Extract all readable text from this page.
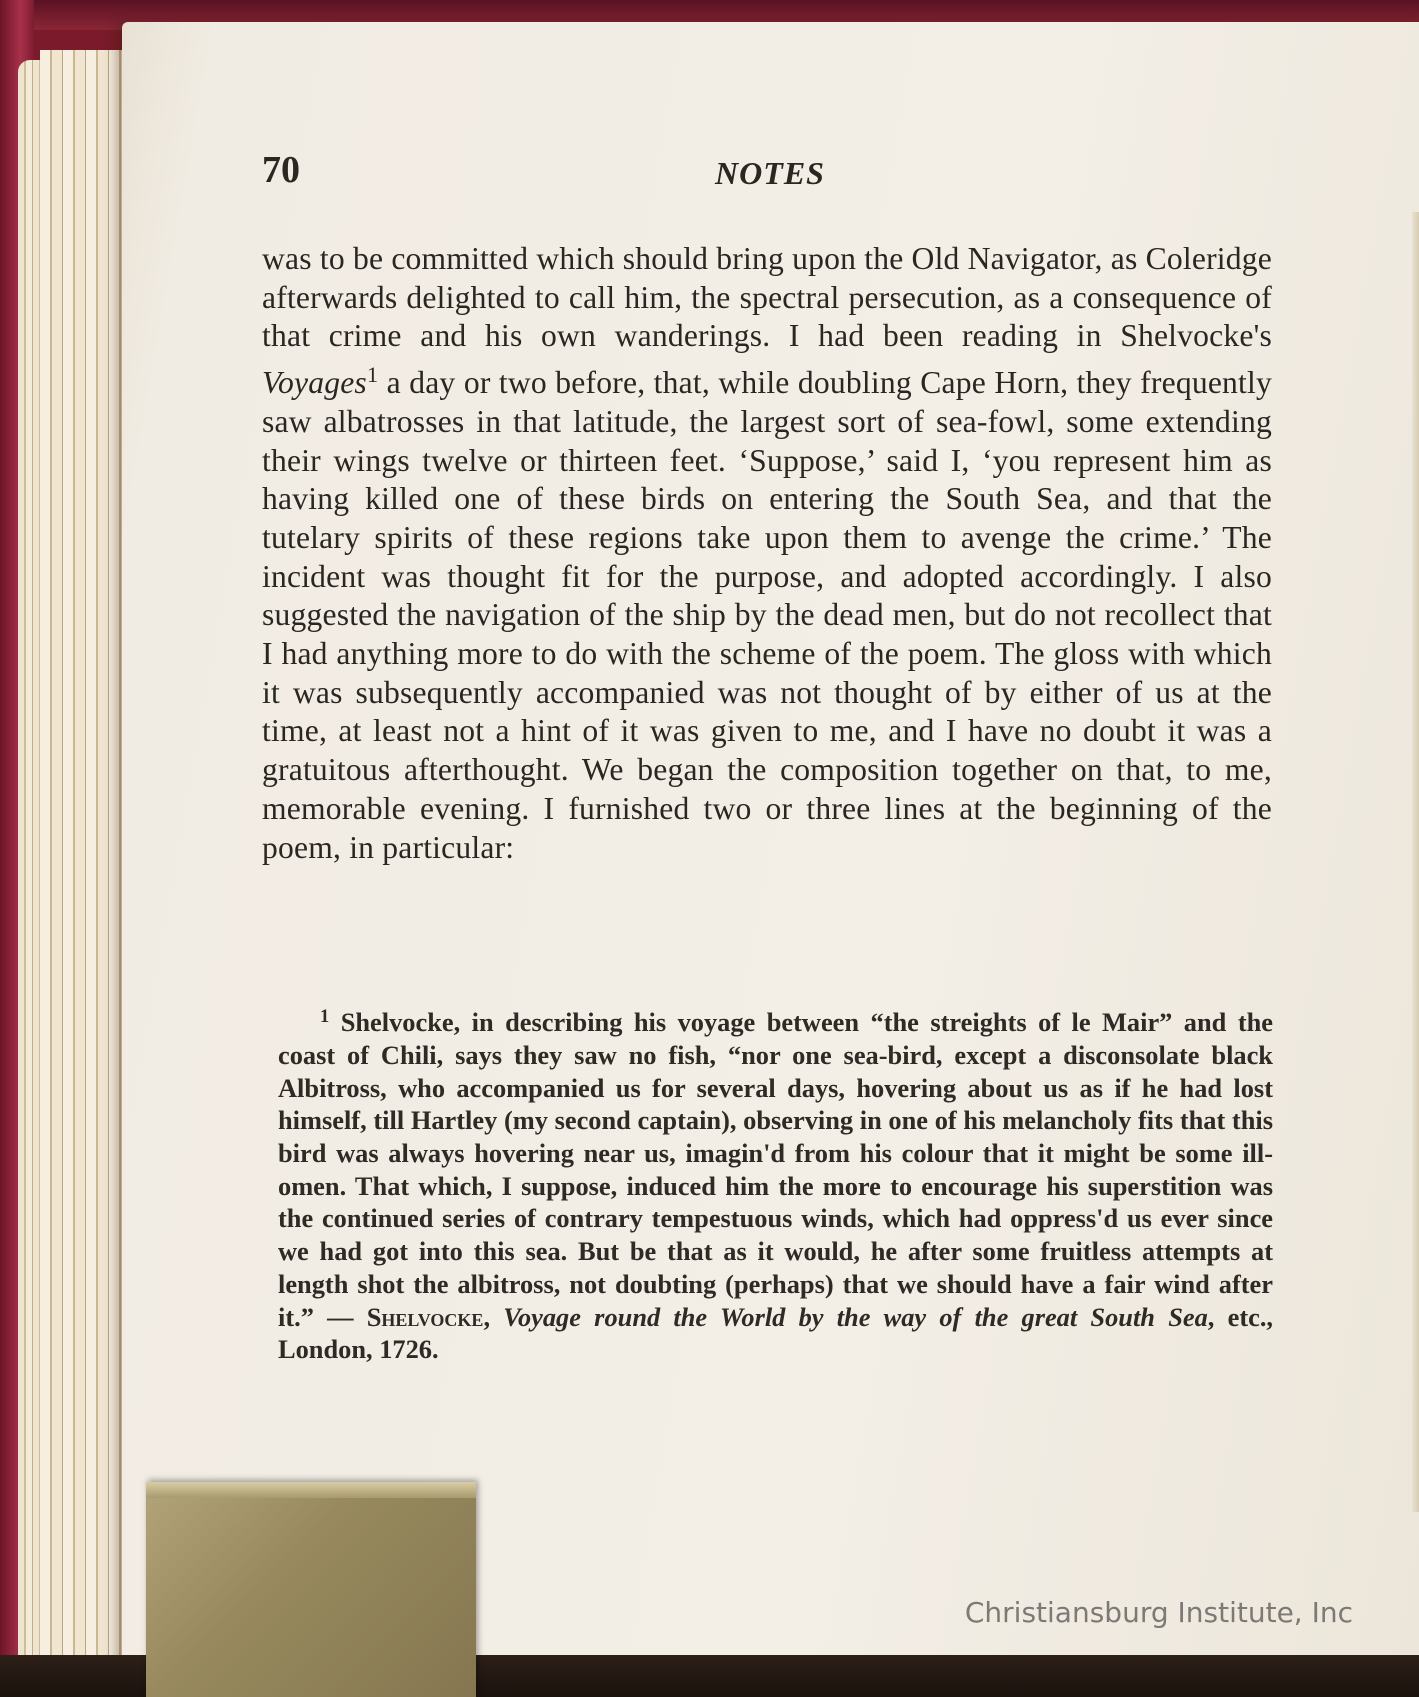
70	NOTES

was to be committed which should bring upon the Old Navigator, as Coleridge afterwards delighted to call him, the spectral persecution, as a consequence of that crime and his own wanderings. I had been reading in Shelvocke's Voyages$^1$ a day or two before, that, while doubling Cape Horn, they frequently saw albatrosses in that latitude, the largest sort of sea-fowl, some extending their wings twelve or thirteen feet. ‘Suppose,’ said I, ‘you represent him as having killed one of these birds on entering the South Sea, and that the tutelary spirits of these regions take upon them to avenge the crime.’ The incident was thought fit for the purpose, and adopted accordingly. I also suggested the navigation of the ship by the dead men, but do not recollect that I had anything more to do with the scheme of the poem. The gloss with which it was subsequently accompanied was not thought of by either of us at the time, at least not a hint of it was given to me, and I have no doubt it was a gratuitous afterthought. We began the composition together on that, to me, memorable evening. I furnished two or three lines at the beginning of the poem, in particular:

$^1$ Shelvocke, in describing his voyage between “the streights of le Mair” and the coast of Chili, says they saw no fish, “nor one sea-bird, except a disconsolate black Albitross, who accompanied us for several days, hovering about us as if he had lost himself, till Hartley (my second captain), observing in one of his melancholy fits that this bird was always hovering near us, imagin'd from his colour that it might be some ill-omen. That which, I suppose, induced him the more to encourage his superstition was the continued series of contrary tempestuous winds, which had oppress'd us ever since we had got into this sea. But be that as it would, he after some fruitless attempts at length shot the albitross, not doubting (perhaps) that we should have a fair wind after it.” — Shelvocke, Voyage round the World by the way of the great South Sea, etc., London, 1726.

Christiansburg Institute, Inc
